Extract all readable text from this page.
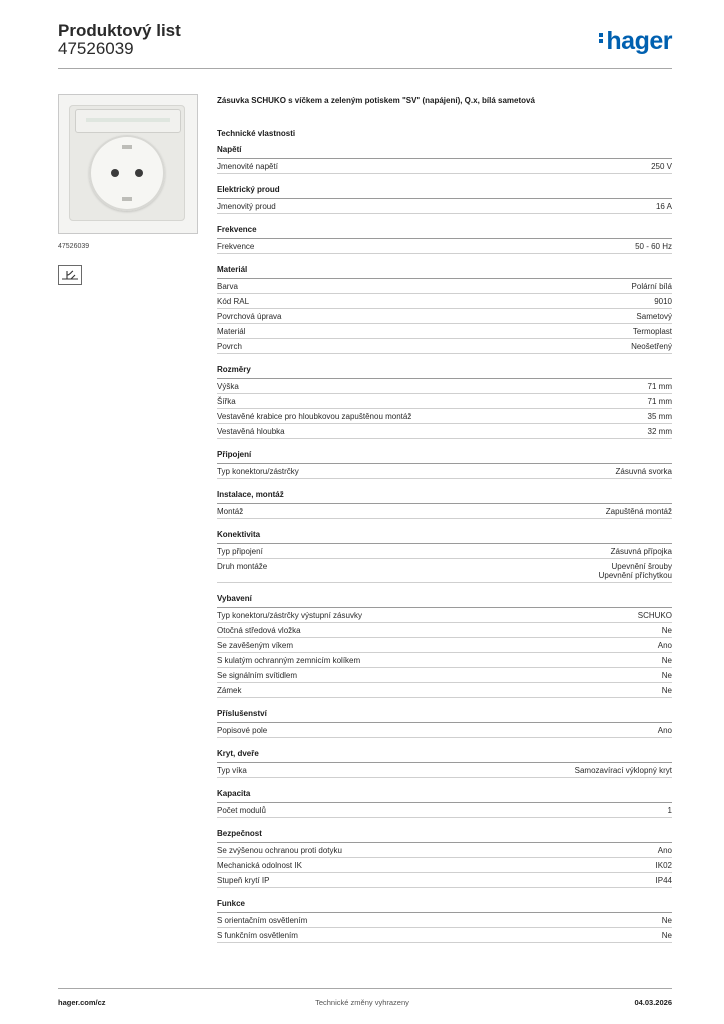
Produktový list
47526039	hager
47526039
Zásuvka SCHUKO s víčkem a zeleným potiskem "SV" (napájení), Q.x, bílá sametová
Technické vlastnosti
Napětí
Jmenovité napětí	250 V
Elektrický proud
Jmenovitý proud	16 A
Frekvence
Frekvence	50 - 60 Hz
Materiál
Barva	Polární bílá
Kód RAL	9010
Povrchová úprava	Sametový
Materiál	Termoplast
Povrch	Neošetřený
Rozměry
Výška	71 mm
Šířka	71 mm
Vestavěné krabice pro hloubkovou zapuštěnou montáž	35 mm
Vestavěná hloubka	32 mm
Připojení
Typ konektoru/zástrčky	Zásuvná svorka
Instalace, montáž
Montáž	Zapuštěná montáž
Konektivita
Typ připojení	Zásuvná přípojka
Druh montáže	Upevnění šrouby
Upevnění příchytkou
Vybavení
Typ konektoru/zástrčky výstupní zásuvky	SCHUKO
Otočná středová vložka	Ne
Se zavěšeným víkem	Ano
S kulatým ochranným zemnicím kolíkem	Ne
Se signálním svítidlem	Ne
Zámek	Ne
Příslušenství
Popisové pole	Ano
Kryt, dveře
Typ víka	Samozavírací výklopný kryt
Kapacita
Počet modulů	1
Bezpečnost
Se zvýšenou ochranou proti dotyku	Ano
Mechanická odolnost IK	IK02
Stupeň krytí IP	IP44
Funkce
S orientačním osvětlením	Ne
S funkčním osvětlením	Ne
hager.com/cz	Technické změny vyhrazeny	04.03.2026
